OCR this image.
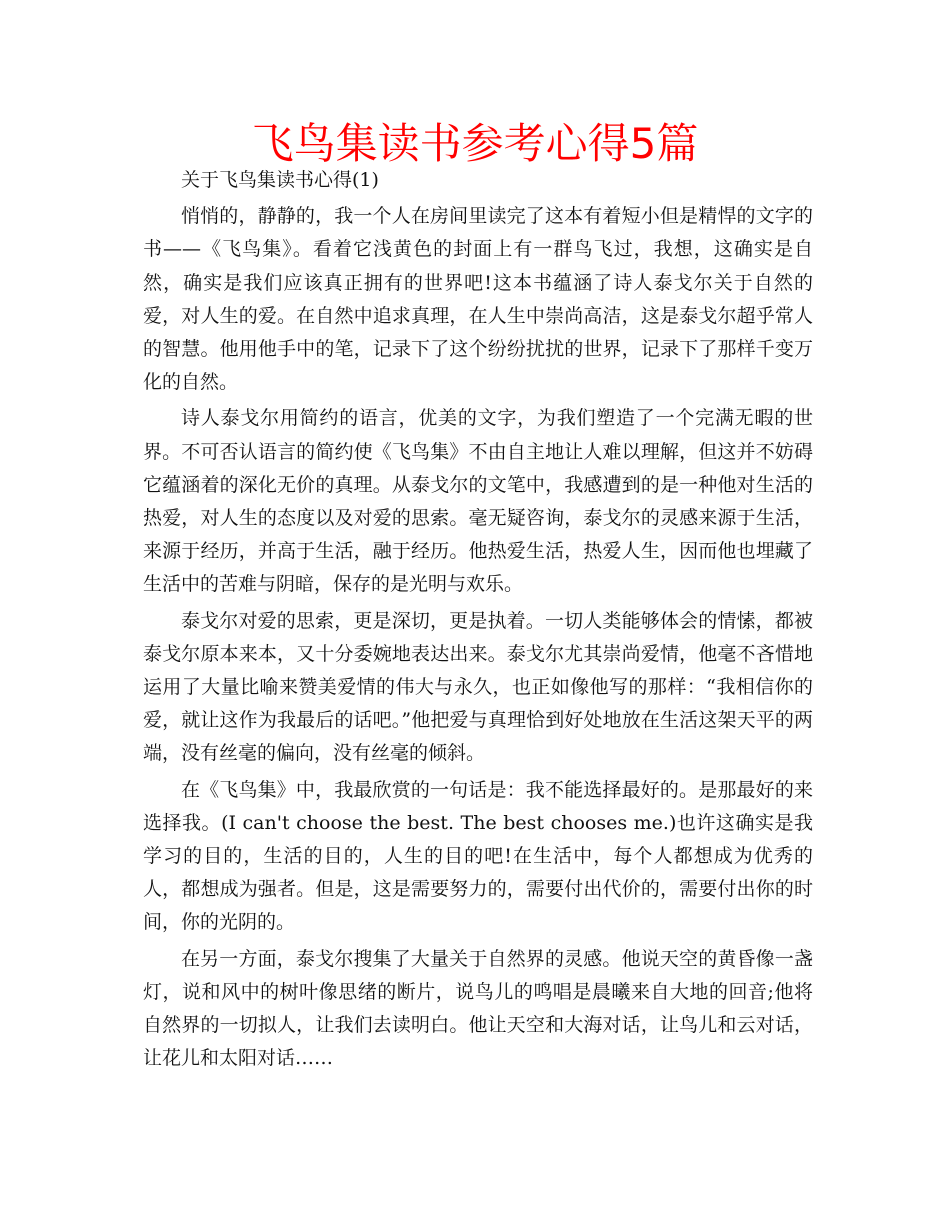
飞鸟集读书参考心得5篇

关于飞鸟集读书心得(1)

悄悄的，静静的，我一个人在房间里读完了这本有着短小但是精悍的文字的书——《飞鸟集》。看着它浅黄色的封面上有一群鸟飞过，我想，这确实是自然，确实是我们应该真正拥有的世界吧!这本书蕴涵了诗人泰戈尔关于自然的爱，对人生的爱。在自然中追求真理，在人生中崇尚高洁，这是泰戈尔超乎常人的智慧。他用他手中的笔，记录下了这个纷纷扰扰的世界，记录下了那样千变万化的自然。

诗人泰戈尔用简约的语言，优美的文字，为我们塑造了一个完满无暇的世界。不可否认语言的简约使《飞鸟集》不由自主地让人难以理解，但这并不妨碍它蕴涵着的深化无价的真理。从泰戈尔的文笔中，我感遭到的是一种他对生活的热爱，对人生的态度以及对爱的思索。毫无疑咨询，泰戈尔的灵感来源于生活，来源于经历，并高于生活，融于经历。他热爱生活，热爱人生，因而他也埋藏了生活中的苦难与阴暗，保存的是光明与欢乐。

泰戈尔对爱的思索，更是深切，更是执着。一切人类能够体会的情愫，都被泰戈尔原本来本，又十分委婉地表达出来。泰戈尔尤其崇尚爱情，他毫不吝惜地运用了大量比喻来赞美爱情的伟大与永久，也正如像他写的那样：“我相信你的爱，就让这作为我最后的话吧。”他把爱与真理恰到好处地放在生活这架天平的两端，没有丝毫的偏向，没有丝毫的倾斜。

在《飞鸟集》中，我最欣赏的一句话是：我不能选择最好的。是那最好的来选择我。(I can't choose the best. The best chooses me.)也许这确实是我学习的目的，生活的目的，人生的目的吧!在生活中，每个人都想成为优秀的人，都想成为强者。但是，这是需要努力的，需要付出代价的，需要付出你的时间，你的光阴的。

在另一方面，泰戈尔搜集了大量关于自然界的灵感。他说天空的黄昏像一盏灯，说和风中的树叶像思绪的断片，说鸟儿的鸣唱是晨曦来自大地的回音;他将自然界的一切拟人，让我们去读明白。他让天空和大海对话，让鸟儿和云对话，让花儿和太阳对话……
